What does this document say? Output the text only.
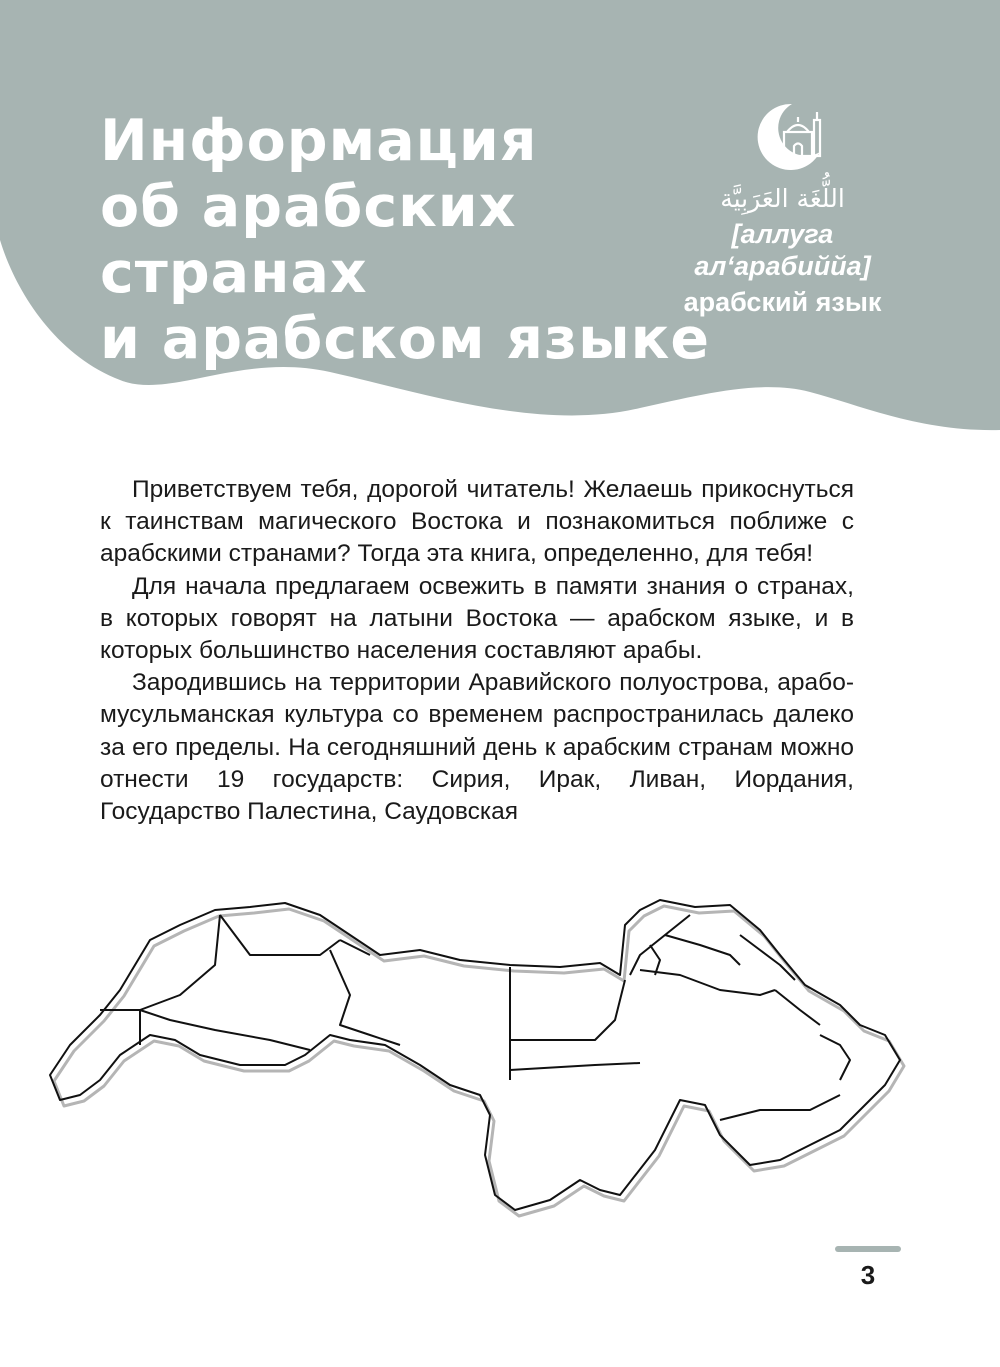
Информация
об арабских
странах
и арабском языке
اللُّغَة العَرَبِيَّة
[аллуга
ал‘арабиййа]
арабский язык

Приветствуем тебя, дорогой читатель! Желаешь прикоснуться к таинствам магического Востока и познакомиться поближе с арабскими странами? Тогда эта книга, определенно, для тебя!

Для начала предлагаем освежить в памяти знания о странах, в которых говорят на латыни Востока — арабском языке, и в которых большинство населения составляют арабы.

Зародившись на территории Аравийского полуострова, арабо-мусульманская культура со временем распространилась далеко за его пределы. На сегодняшний день к арабским странам можно отнести 19 государств: Сирия, Ирак, Ливан, Иордания, Государство Палестина, Саудовская

3
